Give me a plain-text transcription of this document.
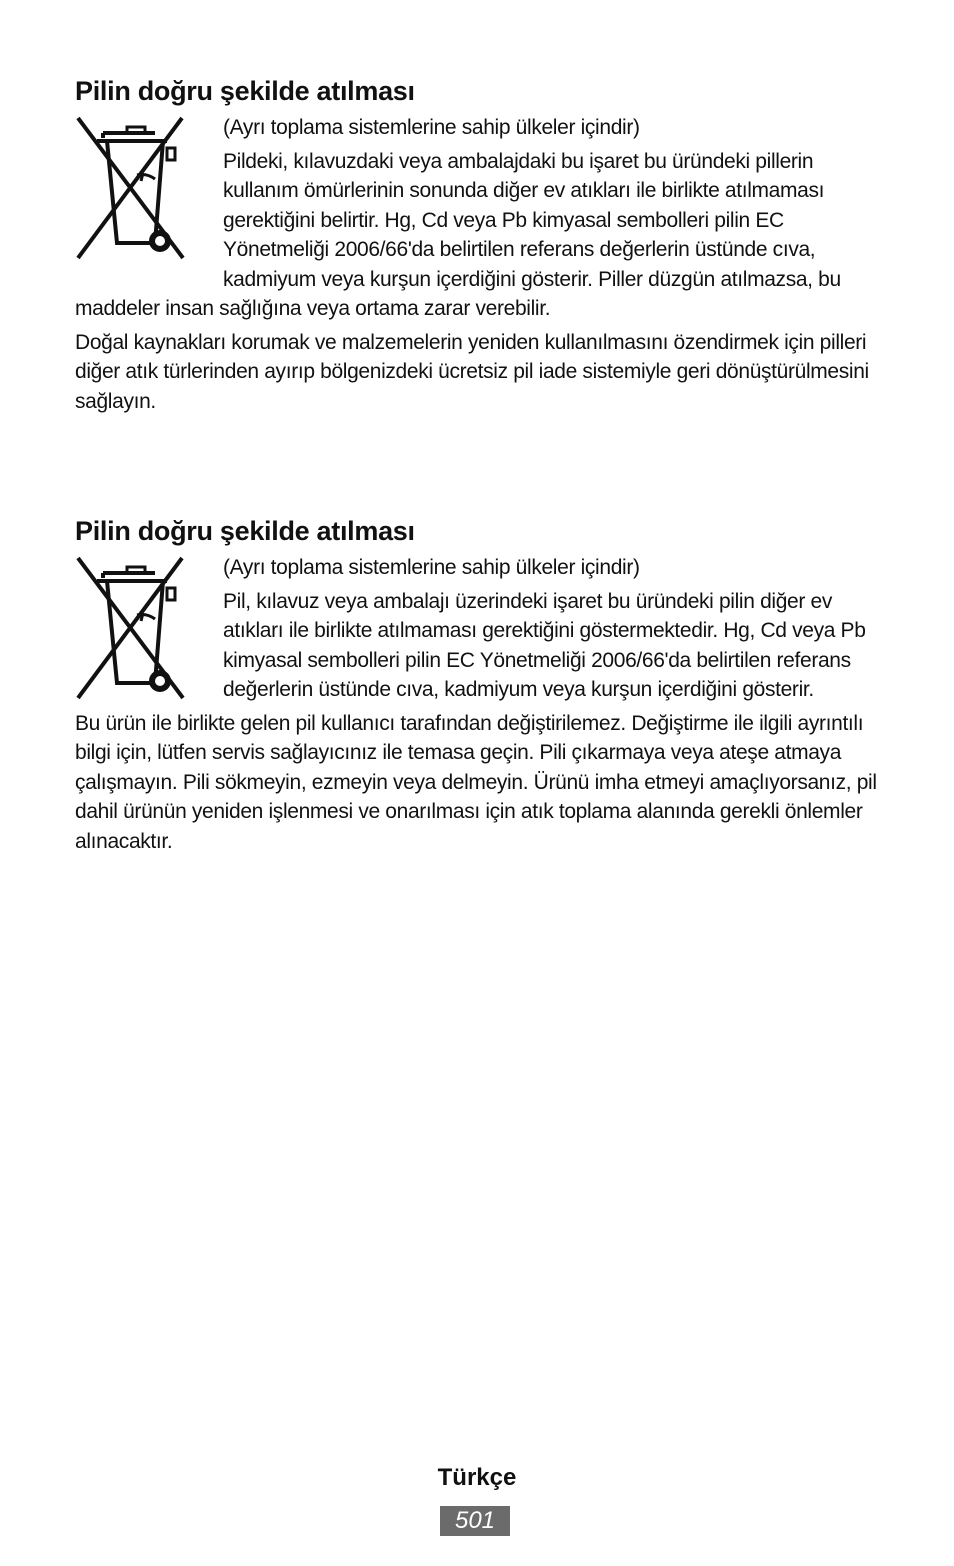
Pilin doğru şekilde atılması

(Ayrı toplama sistemlerine sahip ülkeler içindir)

Pildeki, kılavuzdaki veya ambalajdaki bu işaret bu üründeki pillerin kullanım ömürlerinin sonunda diğer ev atıkları ile birlikte atılmaması gerektiğini belirtir. Hg, Cd veya Pb kimyasal sembolleri pilin EC Yönetmeliği 2006/66'da belirtilen referans değerlerin üstünde cıva, kadmiyum veya kurşun içerdiğini gösterir. Piller düzgün atılmazsa, bu maddeler insan sağlığına veya ortama zarar verebilir.

Doğal kaynakları korumak ve malzemelerin yeniden kullanılmasını özendirmek için pilleri diğer atık türlerinden ayırıp bölgenizdeki ücretsiz pil iade sistemiyle geri dönüştürülmesini sağlayın.

Pilin doğru şekilde atılması

(Ayrı toplama sistemlerine sahip ülkeler içindir)

Pil, kılavuz veya ambalajı üzerindeki işaret bu üründeki pilin diğer ev atıkları ile birlikte atılmaması gerektiğini göstermektedir. Hg, Cd veya Pb kimyasal sembolleri pilin EC Yönetmeliği 2006/66'da belirtilen referans değerlerin üstünde cıva, kadmiyum veya kurşun içerdiğini gösterir.

Bu ürün ile birlikte gelen pil kullanıcı tarafından değiştirilemez. Değiştirme ile ilgili ayrıntılı bilgi için, lütfen servis sağlayıcınız ile temasa geçin. Pili çıkarmaya veya ateşe atmaya çalışmayın. Pili sökmeyin, ezmeyin veya delmeyin. Ürünü imha etmeyi amaçlıyorsanız, pil dahil ürünün yeniden işlenmesi ve onarılması için atık toplama alanında gerekli önlemler alınacaktır.

Türkçe
501
